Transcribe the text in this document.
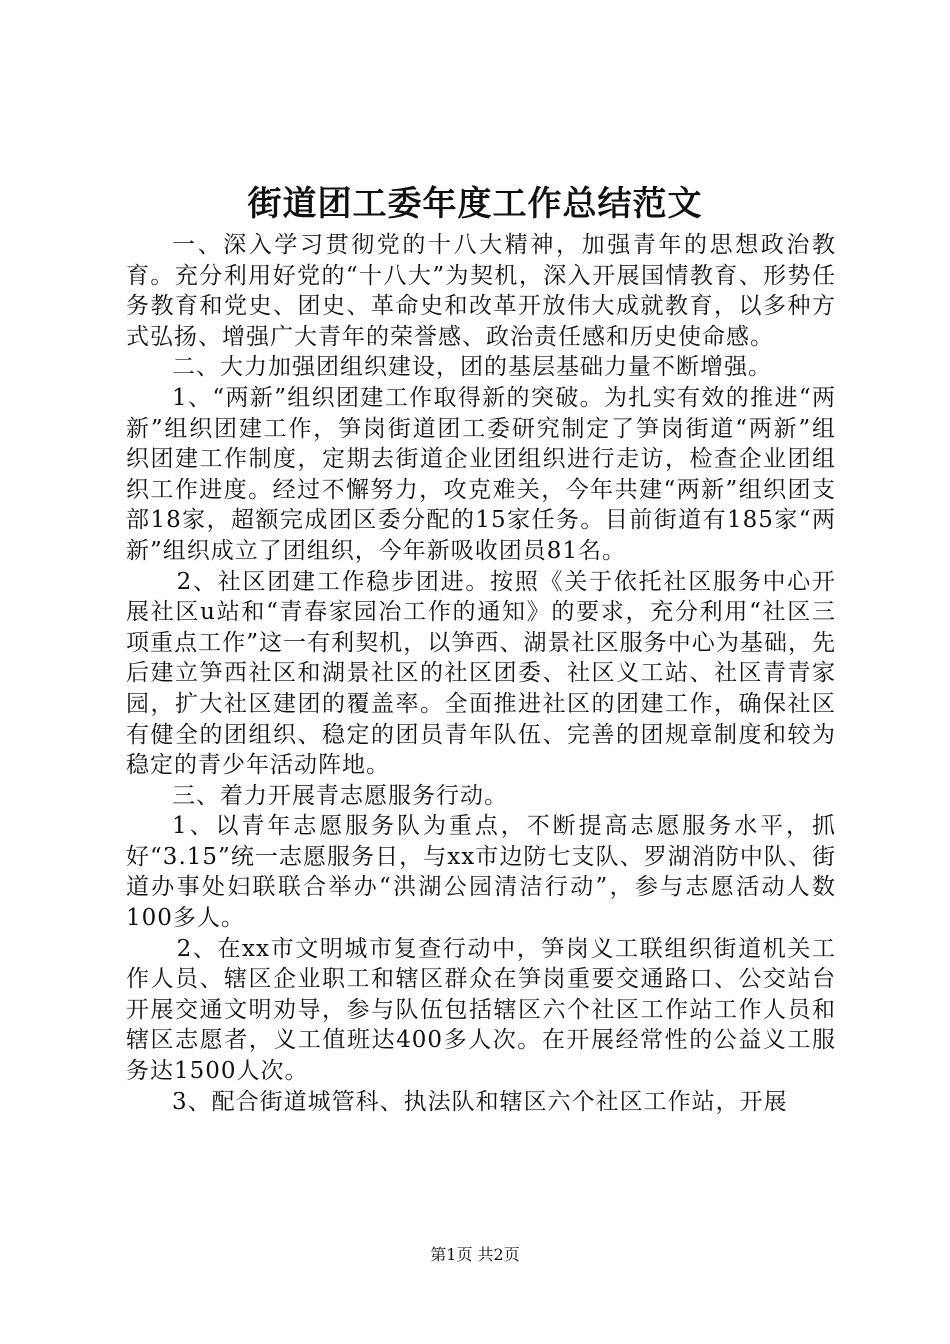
街道团工委年度工作总结范文

一、深入学习贯彻党的十八大精神，加强青年的思想政治教育。充分利用好党的“十八大”为契机，深入开展国情教育、形势任务教育和党史、团史、革命史和改革开放伟大成就教育，以多种方式弘扬、增强广大青年的荣誉感、政治责任感和历史使命感。

二、大力加强团组织建设，团的基层基础力量不断增强。

1、“两新”组织团建工作取得新的突破。为扎实有效的推进“两新”组织团建工作，笋岗街道团工委研究制定了笋岗街道“两新”组织团建工作制度，定期去街道企业团组织进行走访，检查企业团组织工作进度。经过不懈努力，攻克难关，今年共建“两新”组织团支部18家，超额完成团区委分配的15家任务。目前街道有185家“两新”组织成立了团组织，今年新吸收团员81名。

2、社区团建工作稳步团进。按照《关于依托社区服务中心开展社区u站和“青春家园冶工作的通知》的要求，充分利用“社区三项重点工作”这一有利契机，以笋西、湖景社区服务中心为基础，先后建立笋西社区和湖景社区的社区团委、社区义工站、社区青青家园，扩大社区建团的覆盖率。全面推进社区的团建工作，确保社区有健全的团组织、稳定的团员青年队伍、完善的团规章制度和较为稳定的青少年活动阵地。

三、着力开展青志愿服务行动。

1、以青年志愿服务队为重点，不断提高志愿服务水平，抓好“3.15”统一志愿服务日，与xx市边防七支队、罗湖消防中队、街道办事处妇联联合举办“洪湖公园清洁行动”，参与志愿活动人数100多人。

2、在xx市文明城市复查行动中，笋岗义工联组织街道机关工作人员、辖区企业职工和辖区群众在笋岗重要交通路口、公交站台开展交通文明劝导，参与队伍包括辖区六个社区工作站工作人员和辖区志愿者，义工值班达400多人次。在开展经常性的公益义工服务达1500人次。

3、配合街道城管科、执法队和辖区六个社区工作站，开展

第1页 共2页
